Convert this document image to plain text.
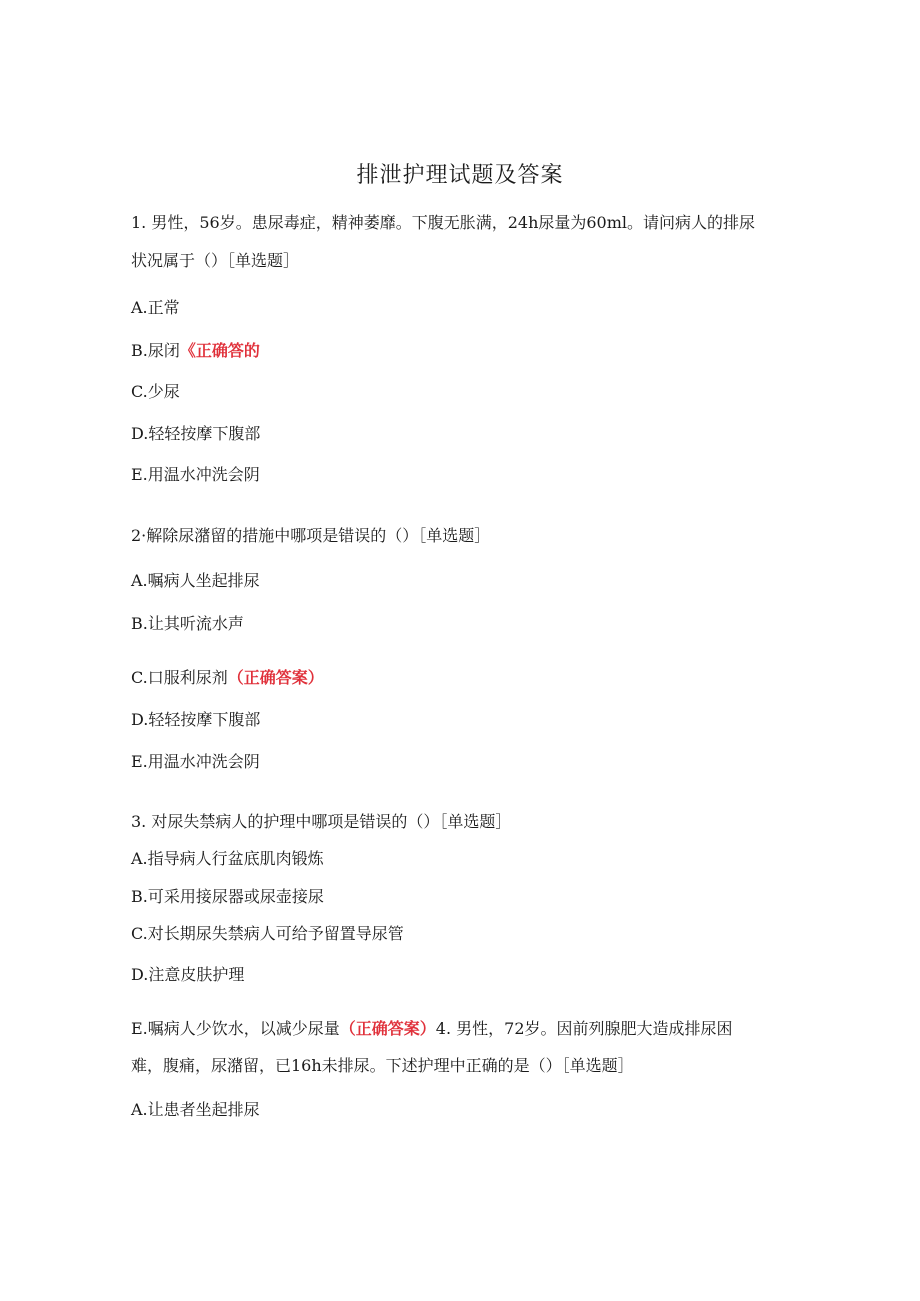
排泄护理试题及答案
1. 男性，56岁。患尿毒症，精神萎靡。下腹无胀满，24h尿量为60ml。请问病人的排尿
状况属于（）［单选题］
A.正常
B.尿闭《正确答的
C.少尿
D.轻轻按摩下腹部
E.用温水冲洗会阴
2·解除尿潴留的措施中哪项是错误的（）［单选题］
A.嘱病人坐起排尿
B.让其听流水声
C.口服利尿剂（正确答案）
D.轻轻按摩下腹部
E.用温水冲洗会阴
3. 对尿失禁病人的护理中哪项是错误的（）［单选题］
A.指导病人行盆底肌肉锻炼
B.可采用接尿器或尿壶接尿
C.对长期尿失禁病人可给予留置导尿管
D.注意皮肤护理
E.嘱病人少饮水，以减少尿量（正确答案）4. 男性，72岁。因前列腺肥大造成排尿困
难，腹痛，尿潴留，已16h未排尿。下述护理中正确的是（）［单选题］
A.让患者坐起排尿
